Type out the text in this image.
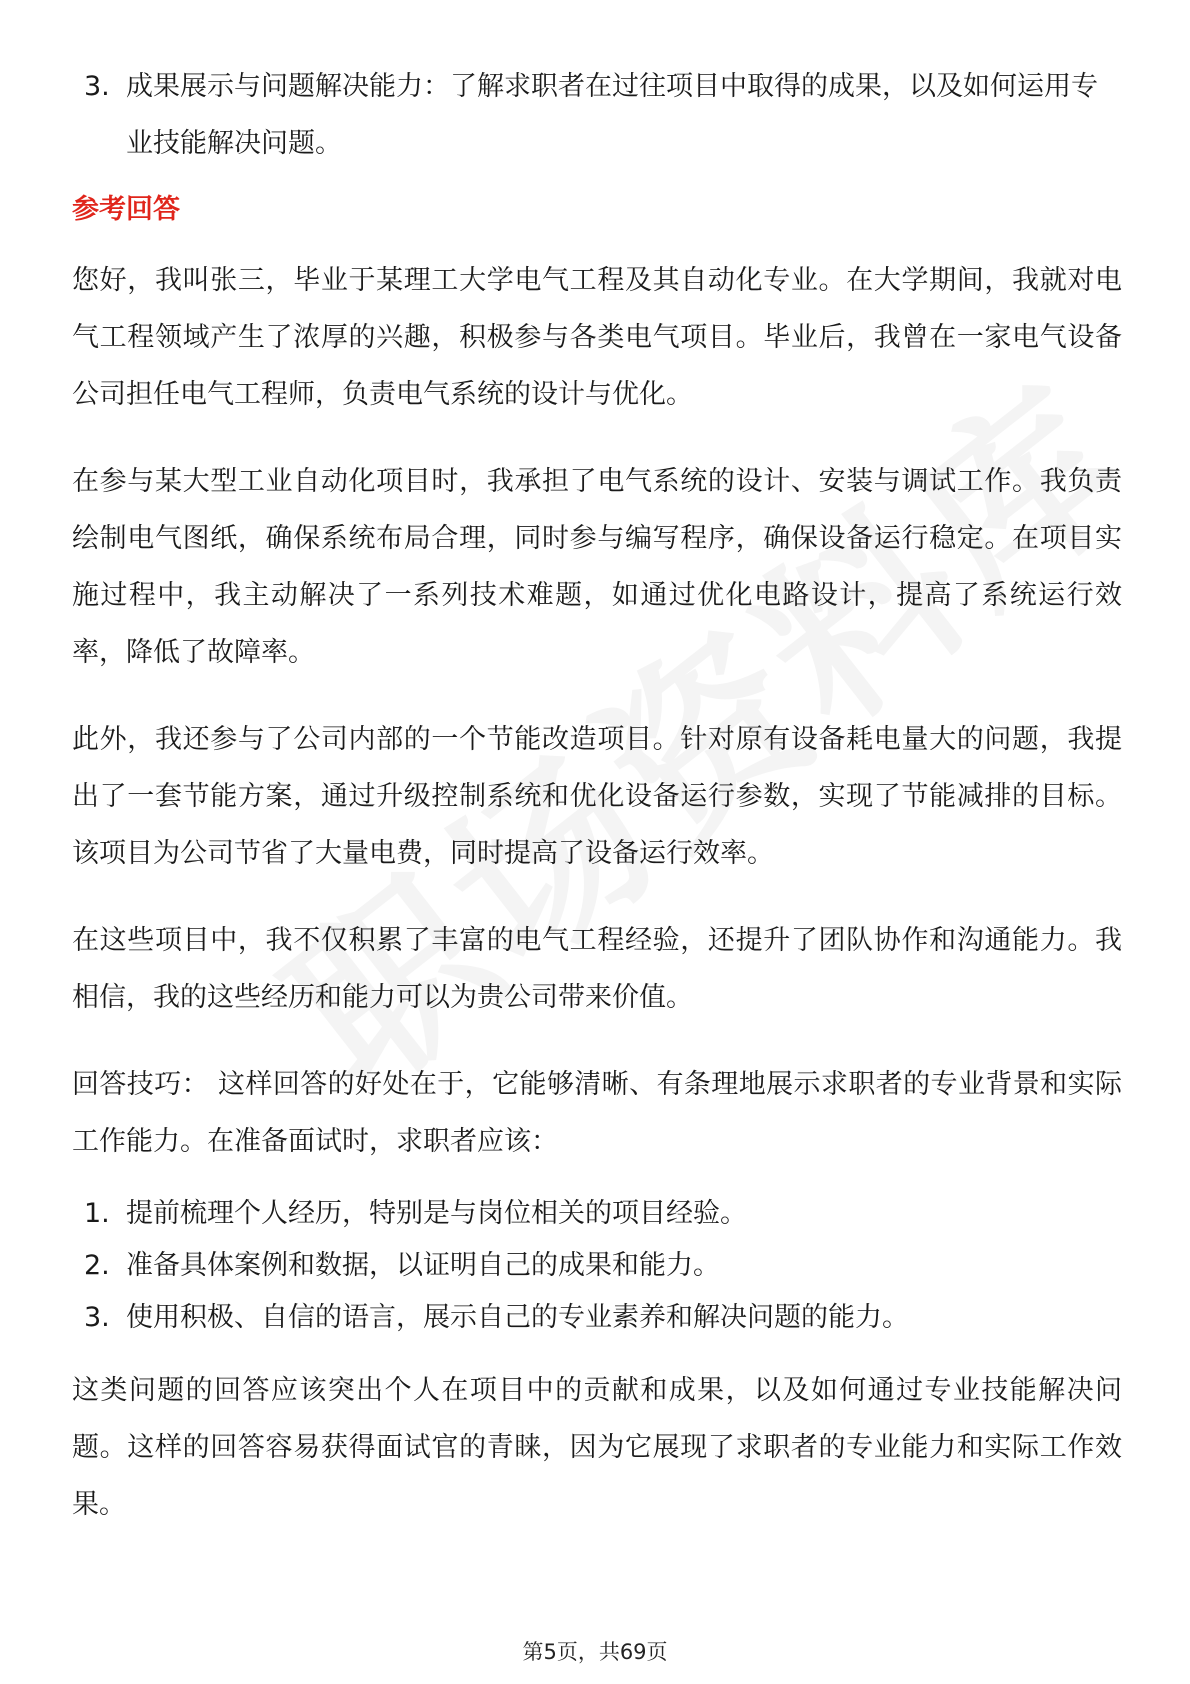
3. 成果展示与问题解决能力：了解求职者在过往项目中取得的成果，以及如何运用专业技能解决问题。
参考回答

您好，我叫张三，毕业于某理工大学电气工程及其自动化专业。在大学期间，我就对电气工程领域产生了浓厚的兴趣，积极参与各类电气项目。毕业后，我曾在一家电气设备公司担任电气工程师，负责电气系统的设计与优化。

在参与某大型工业自动化项目时，我承担了电气系统的设计、安装与调试工作。我负责绘制电气图纸，确保系统布局合理，同时参与编写程序，确保设备运行稳定。在项目实施过程中，我主动解决了一系列技术难题，如通过优化电路设计，提高了系统运行效率，降低了故障率。

此外，我还参与了公司内部的一个节能改造项目。针对原有设备耗电量大的问题，我提出了一套节能方案，通过升级控制系统和优化设备运行参数，实现了节能减排的目标。该项目为公司节省了大量电费，同时提高了设备运行效率。

在这些项目中，我不仅积累了丰富的电气工程经验，还提升了团队协作和沟通能力。我相信，我的这些经历和能力可以为贵公司带来价值。

回答技巧： 这样回答的好处在于，它能够清晰、有条理地展示求职者的专业背景和实际工作能力。在准备面试时，求职者应该：

1. 提前梳理个人经历，特别是与岗位相关的项目经验。
2. 准备具体案例和数据，以证明自己的成果和能力。
3. 使用积极、自信的语言，展示自己的专业素养和解决问题的能力。

这类问题的回答应该突出个人在项目中的贡献和成果，以及如何通过专业技能解决问题。这样的回答容易获得面试官的青睐，因为它展现了求职者的专业能力和实际工作效果。

第5页，共69页
